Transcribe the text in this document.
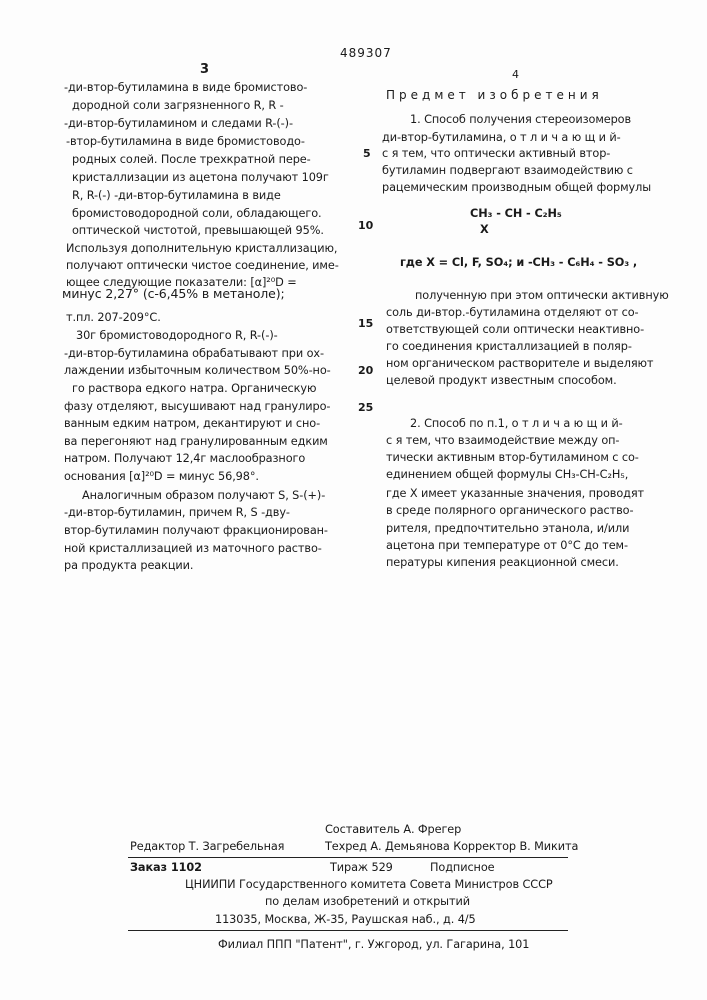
489307
3	4
Предмет изобретения
-ди-втор-бутиламина в виде бромистово-
дородной соли загрязненного R, R -
-ди-втор-бутиламином и следами R-(-)-
-втор-бутиламина в виде бромистоводо-
родных солей. После трехкратной пере-
кристаллизации из ацетона получают 109г
R, R-(-) -ди-втор-бутиламина в виде
бромистоводородной соли, обладающего.
оптической чистотой, превышающей 95%.
Используя дополнительную кристаллизацию,
получают оптически чистое соединение, име-
ющее следующие показатели: [α]²⁰D =
минус 2,27° (с-6,45% в метаноле);
т.пл. 207-209°С.
30г бромистоводородного R, R-(-)-
-ди-втор-бутиламина обрабатывают при ох-
лаждении избыточным количеством 50%-но-
го раствора едкого натра. Органическую
фазу отделяют, высушивают над гранулиро-
ванным едким натром, декантируют и сно-
ва перегоняют над гранулированным едким
натром. Получают 12,4г маслообразного
основания [α]²⁰D = минус 56,98°.
Аналогичным образом получают S, S-(+)-
-ди-втор-бутиламин, причем R, S -дву-
втор-бутиламин получают фракционирован-
ной кристаллизацией из маточного раство-
ра продукта реакции.
1. Способ получения стереоизомеров
ди-втор-бутиламина, о т л и ч а ю щ и й-
с я тем, что оптически активный втор-
бутиламин подвергают взаимодействию с
рацемическим производным общей формулы
CH₃ - CH - C₂H₅
X
где X = Cl, F, SO₄; и -CH₃ - C₆H₄ - SO₃ ,
полученную при этом оптически активную
соль ди-втор.-бутиламина отделяют от со-
ответствующей соли оптически неактивно-
го соединения кристаллизацией в поляр-
ном органическом растворителе и выделяют
целевой продукт известным способом.
2. Способ по п.1, о т л и ч а ю щ и й-
с я тем, что взаимодействие между оп-
тически активным втор-бутиламином с со-
единением общей формулы CH₃-CH-C₂H₅,
где X имеет указанные значения, проводят
в среде полярного органического раство-
рителя, предпочтительно этанола, и/или
ацетона при температуре от 0°С до тем-
пературы кипения реакционной смеси.
5
10
15
20
25
Составитель А. Фрегер
Редактор Т. Загребельная	Техред А. Демьянова Корректор В. Микита
Заказ 1102	Тираж 529	Подписное
ЦНИИПИ Государственного комитета Совета Министров СССР
по делам изобретений и открытий
113035, Москва, Ж-35, Раушская наб., д. 4/5
Филиал ППП "Патент", г. Ужгород, ул. Гагарина, 101
